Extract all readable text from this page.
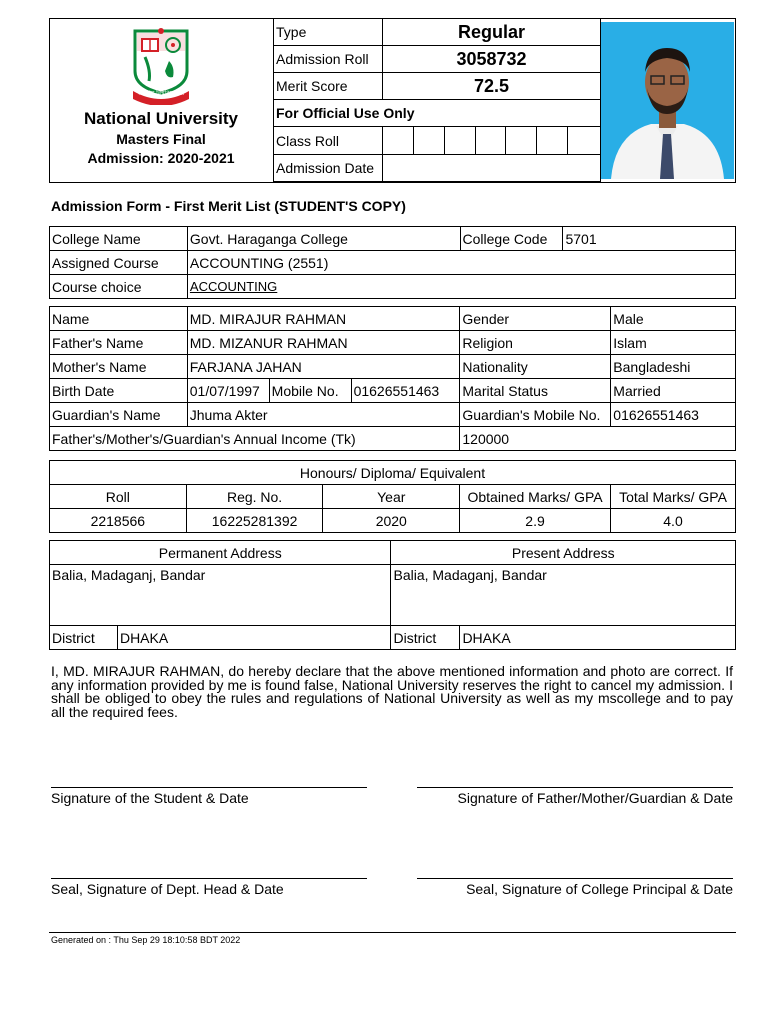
জাতীয় বিশ্ববিদ্যালয়
National University
Masters Final
Admission: 2020-2021
Type	Regular						
Admission Roll	3058732						
Merit Score	72.5						
For Official Use Only							
Class Roll							
Admission Date							
Admission Form - First Merit List (STUDENT'S COPY)
College Name	Govt. Haraganga College	College Code	5701
Assigned Course	ACCOUNTING (2551)		
Course choice	ACCOUNTING		
Name	MD. MIRAJUR RAHMAN			Gender	Male
Father's Name	MD. MIZANUR RAHMAN			Religion	Islam
Mother's Name	FARJANA JAHAN			Nationality	Bangladeshi
Birth Date	01/07/1997	Mobile No.	01626551463	Marital Status	Married
Guardian's Name	Jhuma Akter			Guardian's Mobile No.	01626551463
Father's/Mother's/Guardian's Annual Income (Tk)				120000	
Honours/ Diploma/ Equivalent				
Roll	Reg. No.	Year	Obtained Marks/ GPA	Total Marks/ GPA
2218566	16225281392	2020	2.9	4.0
Permanent Address		Present Address	
Balia, Madaganj, Bandar		Balia, Madaganj, Bandar	
District	DHAKA	District	DHAKA
I, MD. MIRAJUR RAHMAN, do hereby declare that the above mentioned information and photo are correct. If any information provided by me is found false, National University reserves the right to cancel my admission. I shall be obliged to obey the rules and regulations of National University as well as my mscollege and to pay all the required fees.
Signature of the Student & Date	Signature of Father/Mother/Guardian & Date
Seal, Signature of Dept. Head & Date	Seal, Signature of College Principal & Date
Generated on : Thu Sep 29 18:10:58 BDT 2022
